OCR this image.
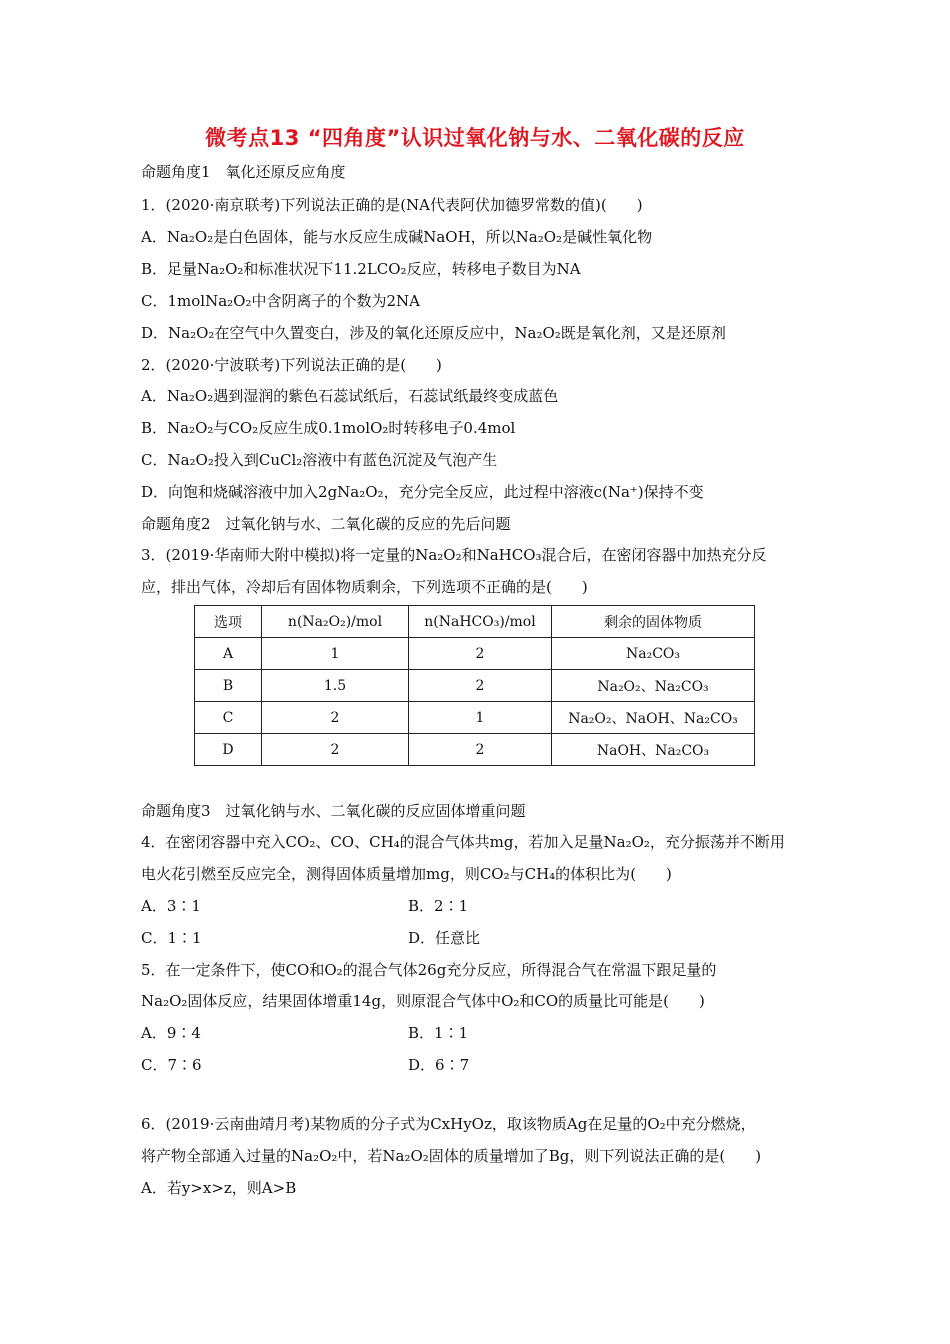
微考点13 “四角度”认识过氧化钠与水、二氧化碳的反应
命题角度1　氧化还原反应角度
1．(2020·南京联考)下列说法正确的是(NA代表阿伏加德罗常数的值)(　　)
A．Na₂O₂是白色固体，能与水反应生成碱NaOH，所以Na₂O₂是碱性氧化物
B．足量Na₂O₂和标准状况下11.2LCO₂反应，转移电子数目为NA
C．1molNa₂O₂中含阴离子的个数为2NA
D．Na₂O₂在空气中久置变白，涉及的氧化还原反应中，Na₂O₂既是氧化剂，又是还原剂
2．(2020·宁波联考)下列说法正确的是(　　)
A．Na₂O₂遇到湿润的紫色石蕊试纸后，石蕊试纸最终变成蓝色
B．Na₂O₂与CO₂反应生成0.1molO₂时转移电子0.4mol
C．Na₂O₂投入到CuCl₂溶液中有蓝色沉淀及气泡产生
D．向饱和烧碱溶液中加入2gNa₂O₂，充分完全反应，此过程中溶液c(Na⁺)保持不变
命题角度2　过氧化钠与水、二氧化碳的反应的先后问题
3．(2019·华南师大附中模拟)将一定量的Na₂O₂和NaHCO₃混合后，在密闭容器中加热充分反
应，排出气体，冷却后有固体物质剩余，下列选项不正确的是(　　)
选项	n(Na₂O₂)/mol	n(NaHCO₃)/mol	剩余的固体物质
A	1	2	Na₂CO₃
B	1.5	2	Na₂O₂、Na₂CO₃
C	2	1	Na₂O₂、NaOH、Na₂CO₃
D	2	2	NaOH、Na₂CO₃
命题角度3　过氧化钠与水、二氧化碳的反应固体增重问题
4．在密闭容器中充入CO₂、CO、CH₄的混合气体共mg，若加入足量Na₂O₂，充分振荡并不断用
电火花引燃至反应完全，测得固体质量增加mg，则CO₂与CH₄的体积比为(　　)
A．3∶1	B．2∶1
C．1∶1	D．任意比
5．在一定条件下，使CO和O₂的混合气体26g充分反应，所得混合气在常温下跟足量的
Na₂O₂固体反应，结果固体增重14g，则原混合气体中O₂和CO的质量比可能是(　　)
A．9∶4	B．1∶1
C．7∶6	D．6∶7
6．(2019·云南曲靖月考)某物质的分子式为CxHyOz，取该物质Ag在足量的O₂中充分燃烧，
将产物全部通入过量的Na₂O₂中，若Na₂O₂固体的质量增加了Bg，则下列说法正确的是(　　)
A．若y>x>z，则A>B
